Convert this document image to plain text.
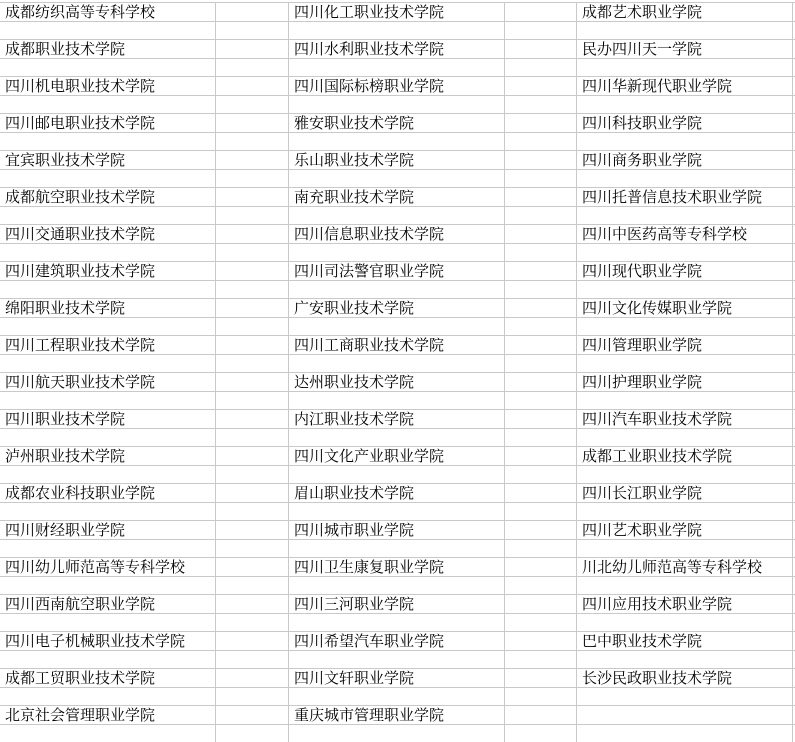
成都纺织高等专科学校	四川化工职业技术学院	成都艺术职业学院
成都职业技术学院	四川水利职业技术学院	民办四川天一学院
四川机电职业技术学院	四川国际标榜职业学院	四川华新现代职业学院
四川邮电职业技术学院	雅安职业技术学院	四川科技职业学院
宜宾职业技术学院	乐山职业技术学院	四川商务职业学院
成都航空职业技术学院	南充职业技术学院	四川托普信息技术职业学院
四川交通职业技术学院	四川信息职业技术学院	四川中医药高等专科学校
四川建筑职业技术学院	四川司法警官职业学院	四川现代职业学院
绵阳职业技术学院	广安职业技术学院	四川文化传媒职业学院
四川工程职业技术学院	四川工商职业技术学院	四川管理职业学院
四川航天职业技术学院	达州职业技术学院	四川护理职业学院
四川职业技术学院	内江职业技术学院	四川汽车职业技术学院
泸州职业技术学院	四川文化产业职业学院	成都工业职业技术学院
成都农业科技职业学院	眉山职业技术学院	四川长江职业学院
四川财经职业学院	四川城市职业学院	四川艺术职业学院
四川幼儿师范高等专科学校	四川卫生康复职业学院	川北幼儿师范高等专科学校
四川西南航空职业学院	四川三河职业学院	四川应用技术职业学院
四川电子机械职业技术学院	四川希望汽车职业学院	巴中职业技术学院
成都工贸职业技术学院	四川文轩职业学院	长沙民政职业技术学院
北京社会管理职业学院	重庆城市管理职业学院
